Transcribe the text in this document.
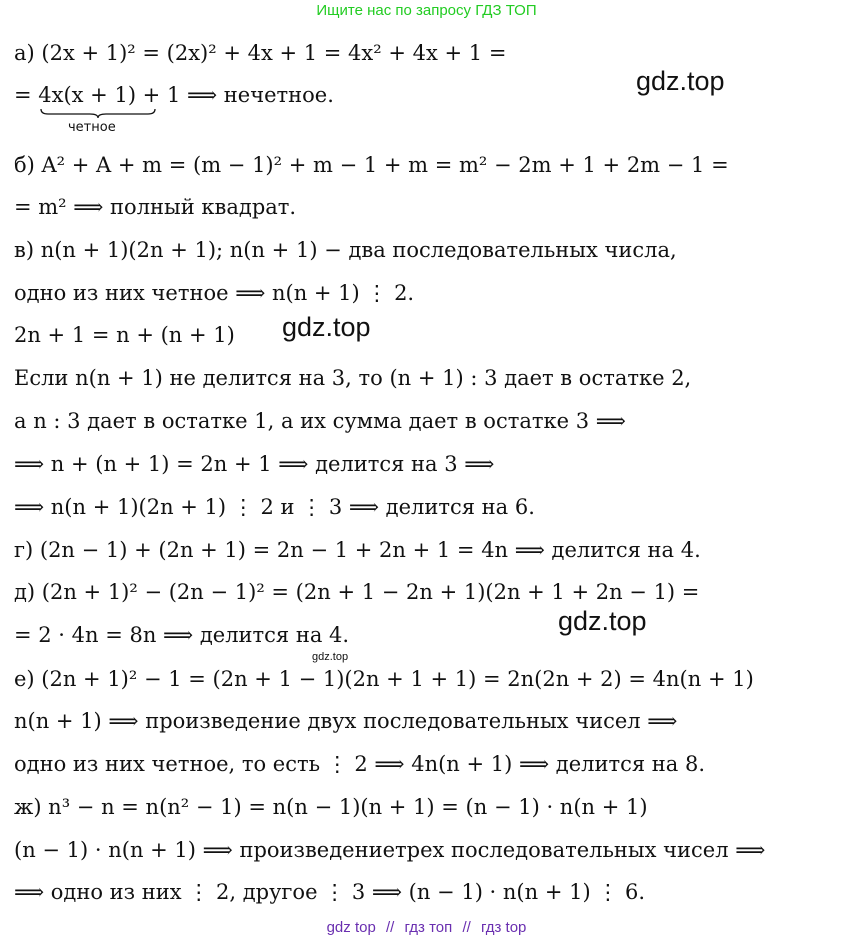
Ищите нас по запросу ГДЗ ТОП
gdz.top
gdz.top
gdz.top
gdz.top
а) (2x + 1)² = (2x)² + 4x + 1 = 4x² + 4x + 1 =
= 4x(x + 1) + 1 ⟹ нечетное.
четное
б) A² + A + m = (m − 1)² + m − 1 + m = m² − 2m + 1 + 2m − 1 =
= m² ⟹ полный квадрат.
в) n(n + 1)(2n + 1); n(n + 1) − два последовательных числа,
одно из них четное ⟹ n(n + 1) ⋮ 2.
2n + 1 = n + (n + 1)
Если n(n + 1) не делится на 3, то (n + 1) : 3 дает в остатке 2,
а n : 3 дает в остатке 1, а их сумма дает в остатке 3 ⟹
⟹ n + (n + 1) = 2n + 1 ⟹ делится на 3 ⟹
⟹ n(n + 1)(2n + 1) ⋮ 2 и ⋮ 3 ⟹ делится на 6.
г) (2n − 1) + (2n + 1) = 2n − 1 + 2n + 1 = 4n ⟹ делится на 4.
д) (2n + 1)² − (2n − 1)² = (2n + 1 − 2n + 1)(2n + 1 + 2n − 1) =
= 2 · 4n = 8n ⟹ делится на 4.
е) (2n + 1)² − 1 = (2n + 1 − 1)(2n + 1 + 1) = 2n(2n + 2) = 4n(n + 1)
n(n + 1) ⟹ произведение двух последовательных чисел ⟹
одно из них четное, то есть ⋮ 2 ⟹ 4n(n + 1) ⟹ делится на 8.
ж) n³ − n = n(n² − 1) = n(n − 1)(n + 1) = (n − 1) · n(n + 1)
(n − 1) · n(n + 1) ⟹ произведениетрех последовательных чисел ⟹
⟹ одно из них ⋮ 2, другое ⋮ 3 ⟹ (n − 1) · n(n + 1) ⋮ 6.
gdz top // гдз топ // гдз top
